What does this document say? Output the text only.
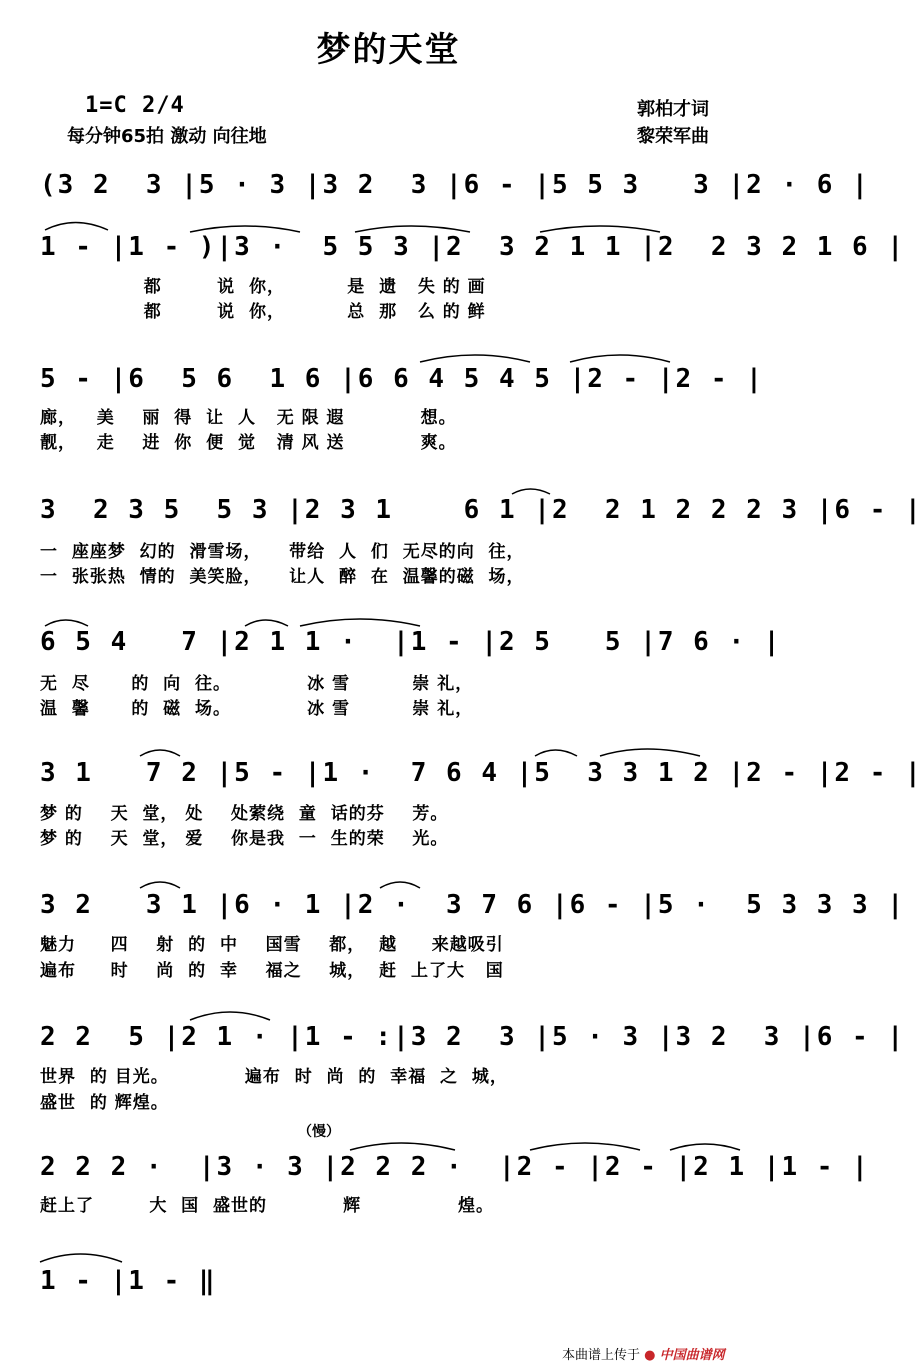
梦的天堂
1=C 2/4
每分钟65拍 激动 向往地
郭柏才词
黎荣军曲
(3 2  3 |5 · 3 |3 2  3 |6 - |5 5 3   3 |2 · 6 |
1 - |1 - )|3 ·  5 5 3 |2  3 2 1 1 |2  2 3 2 1 6 |
都        说  你，         是  遗   失 的 画
都        说  你，         总  那   么 的 鲜
5 - |6  5 6  1 6 |6 6 4 5 4 5 |2 - |2 - |
廊，   美    丽  得  让  人   无 限 遐           想。
靓，   走    进  你  便  觉   清 风 送           爽。
3  2 3 5  5 3 |2 3 1    6 1 |2  2 1 2 2 2 3 |6 - |
一  座座梦  幻的  滑雪场，    带给  人  们  无尽的向  往，
一  张张热  情的  美笑脸，    让人  醉  在  温馨的磁  场，
6 5 4   7 |2 1 1 ·  |1 - |2 5   5 |7 6 · |
无  尽      的  向  往。           冰 雪         崇 礼，
温  馨      的  磁  场。           冰 雪         崇 礼，
3 1   7 2 |5 - |1 ·  7 6 4 |5  3 3 1 2 |2 - |2 - |
梦 的    天  堂， 处    处萦绕  童  话的芬    芳。
梦 的    天  堂， 爱    你是我  一  生的荣    光。
3 2   3 1 |6 · 1 |2 ·  3 7 6 |6 - |5 ·  5 3 3 3 |
魅力     四    射  的  中    国雪    都，  越     来越吸引
遍布     时    尚  的  幸    福之    城，  赶  上了大   国
2 2  5 |2 1 · |1 - :|3 2  3 |5 · 3 |3 2  3 |6 - |
世界  的 目光。           遍布  时  尚  的  幸福  之  城，
盛世  的 辉煌。
（慢）
2 2 2 ·  |3 · 3 |2 2 2 ·  |2 - |2 - |2 1 |1 - |
赶上了        大  国  盛世的           辉              煌。
1 - |1 - ‖
本曲谱上传于 ● 中国曲谱网
